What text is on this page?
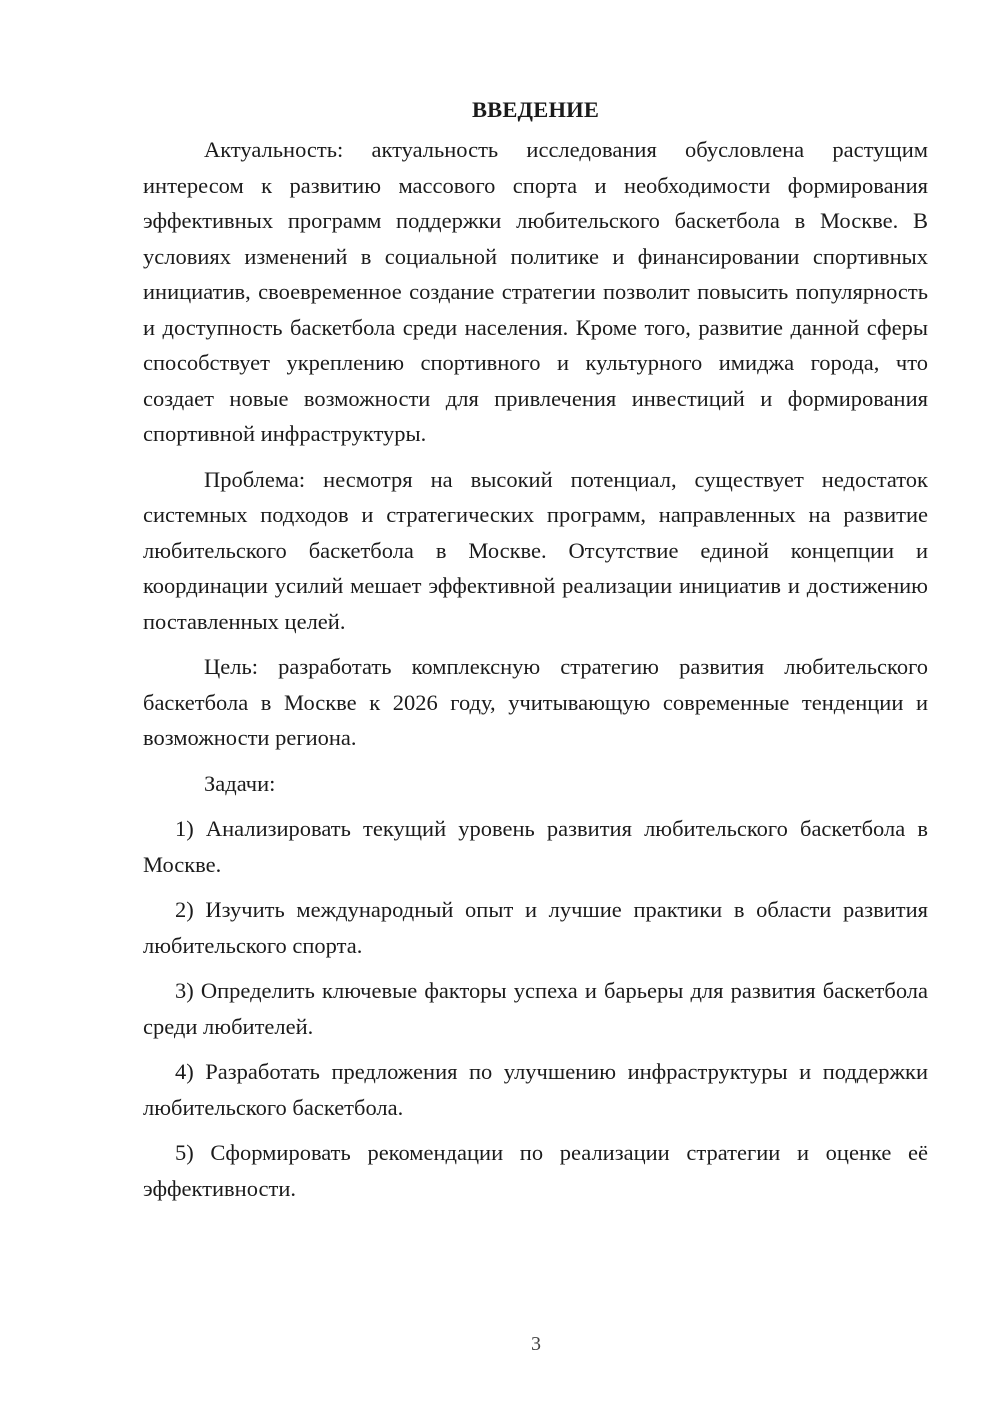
ВВЕДЕНИЕ

Актуальность: актуальность исследования обусловлена растущим интересом к развитию массового спорта и необходимости формирования эффективных программ поддержки любительского баскетбола в Москве. В условиях изменений в социальной политике и финансировании спортивных инициатив, своевременное создание стратегии позволит повысить популярность и доступность баскетбола среди населения. Кроме того, развитие данной сферы способствует укреплению спортивного и культурного имиджа города, что создает новые возможности для привлечения инвестиций и формирования спортивной инфраструктуры.

Проблема: несмотря на высокий потенциал, существует недостаток системных подходов и стратегических программ, направленных на развитие любительского баскетбола в Москве. Отсутствие единой концепции и координации усилий мешает эффективной реализации инициатив и достижению поставленных целей.

Цель: разработать комплексную стратегию развития любительского баскетбола в Москве к 2026 году, учитывающую современные тенденции и возможности региона.

Задачи:

1) Анализировать текущий уровень развития любительского баскетбола в Москве.

2) Изучить международный опыт и лучшие практики в области развития любительского спорта.

3) Определить ключевые факторы успеха и барьеры для развития баскетбола среди любителей.

4) Разработать предложения по улучшению инфраструктуры и поддержки любительского баскетбола.

5) Сформировать рекомендации по реализации стратегии и оценке её эффективности.

3
